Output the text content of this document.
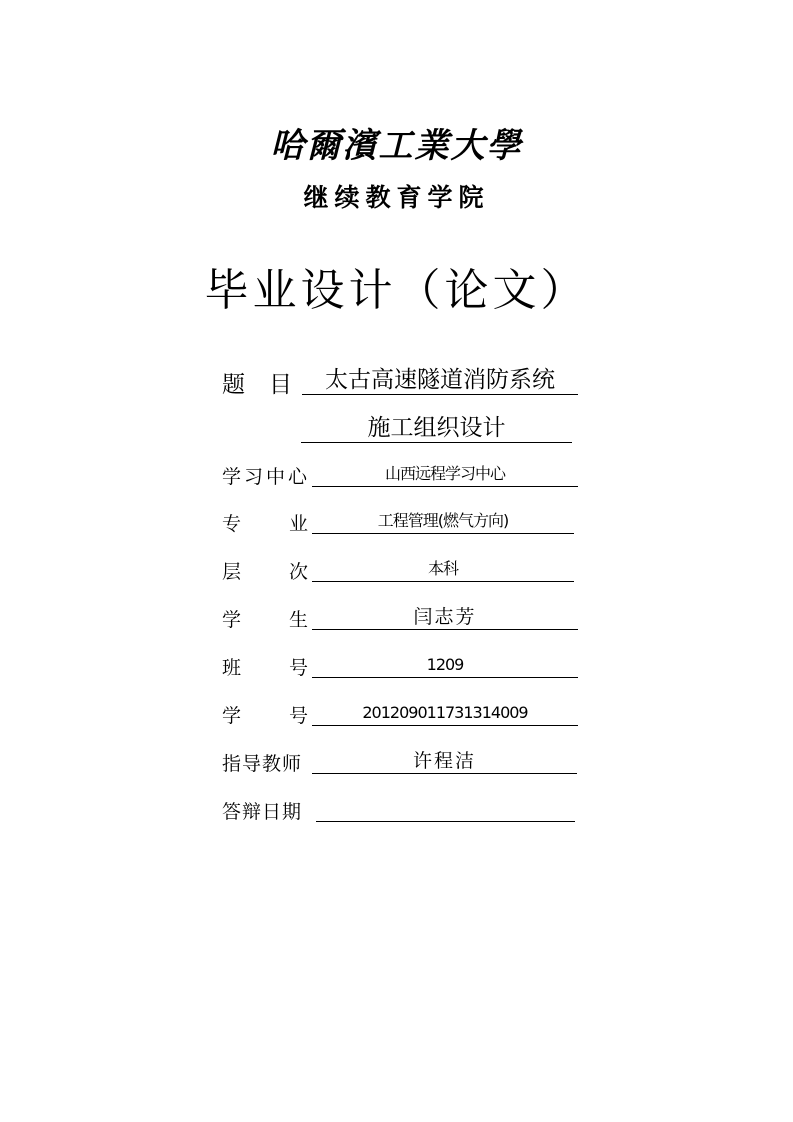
哈爾濱工業大學
继续教育学院
毕业设计（论文）
题 目	太古高速隧道消防系统
施工组织设计
学习中心	山西远程学习中心
专	业	工程管理(燃气方向)
层	次	本科
学	生	闫志芳
班	号	1209
学	号	201209011731314009
指导教师	许程洁
答辩日期
